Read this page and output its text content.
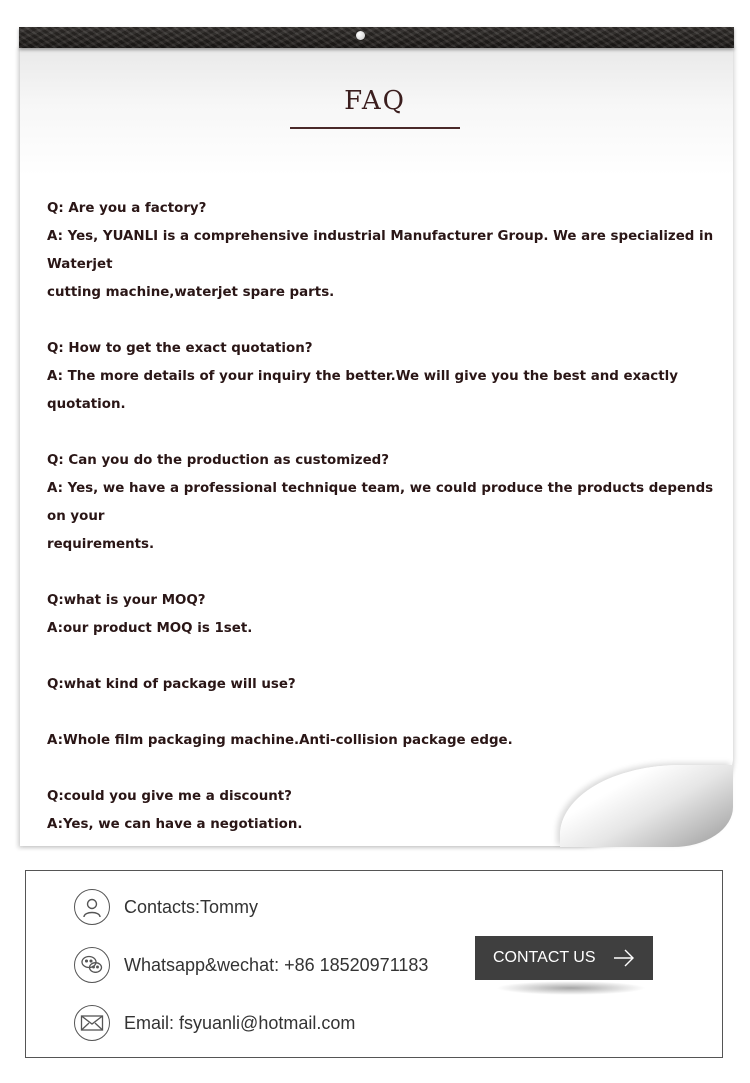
FAQ

Q: Are you a factory?

A: Yes, YUANLI is a comprehensive industrial Manufacturer Group. We are specialized in Waterjet

cutting machine,waterjet spare parts.

Q: How to get the exact quotation?

A: The more details of your inquiry the better.We will give you the best and exactly quotation.

Q: Can you do the production as customized?

A: Yes, we have a professional technique team, we could produce the products depends on your

requirements.

Q:what is your MOQ?

A:our product MOQ is 1set.

Q:what kind of package will use?

A:Whole film packaging machine.Anti-collision package edge.

Q:could you give me a discount?

A:Yes, we can have a negotiation.

Contacts:Tommy
Whatsapp&wechat: +86 18520971183
Email: fsyuanli@hotmail.com
CONTACT US
